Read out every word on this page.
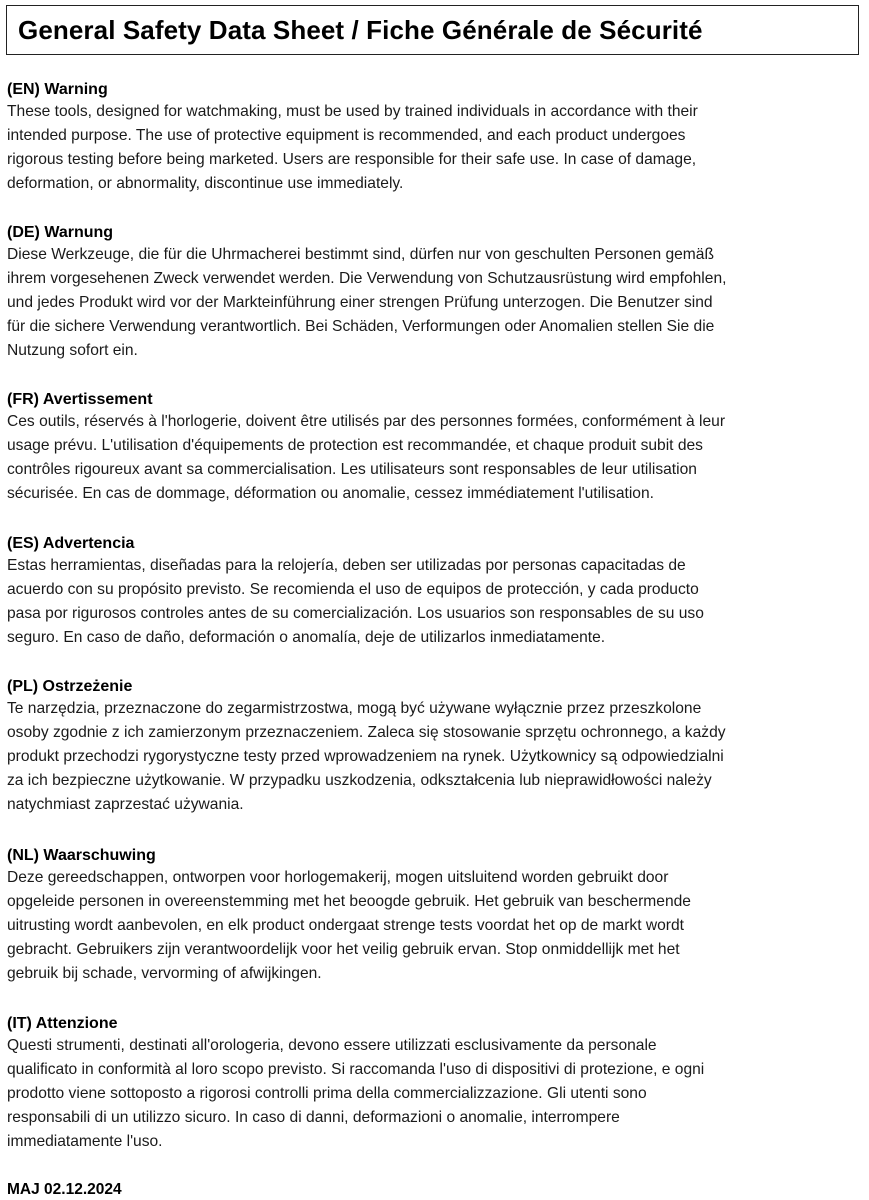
General Safety Data Sheet / Fiche Générale de Sécurité
(EN) Warning

These tools, designed for watchmaking, must be used by trained individuals in accordance with their

intended purpose. The use of protective equipment is recommended, and each product undergoes

rigorous testing before being marketed. Users are responsible for their safe use. In case of damage,

deformation, or abnormality, discontinue use immediately.

(DE) Warnung

Diese Werkzeuge, die für die Uhrmacherei bestimmt sind, dürfen nur von geschulten Personen gemäß

ihrem vorgesehenen Zweck verwendet werden. Die Verwendung von Schutzausrüstung wird empfohlen,

und jedes Produkt wird vor der Markteinführung einer strengen Prüfung unterzogen. Die Benutzer sind

für die sichere Verwendung verantwortlich. Bei Schäden, Verformungen oder Anomalien stellen Sie die

Nutzung sofort ein.

(FR) Avertissement

Ces outils, réservés à l'horlogerie, doivent être utilisés par des personnes formées, conformément à leur

usage prévu. L'utilisation d'équipements de protection est recommandée, et chaque produit subit des

contrôles rigoureux avant sa commercialisation. Les utilisateurs sont responsables de leur utilisation

sécurisée. En cas de dommage, déformation ou anomalie, cessez immédiatement l'utilisation.

(ES) Advertencia

Estas herramientas, diseñadas para la relojería, deben ser utilizadas por personas capacitadas de

acuerdo con su propósito previsto. Se recomienda el uso de equipos de protección, y cada producto

pasa por rigurosos controles antes de su comercialización. Los usuarios son responsables de su uso

seguro. En caso de daño, deformación o anomalía, deje de utilizarlos inmediatamente.

(PL) Ostrzeżenie

Te narzędzia, przeznaczone do zegarmistrzostwa, mogą być używane wyłącznie przez przeszkolone

osoby zgodnie z ich zamierzonym przeznaczeniem. Zaleca się stosowanie sprzętu ochronnego, a każdy

produkt przechodzi rygorystyczne testy przed wprowadzeniem na rynek. Użytkownicy są odpowiedzialni

za ich bezpieczne użytkowanie. W przypadku uszkodzenia, odkształcenia lub nieprawidłowości należy

natychmiast zaprzestać używania.

(NL) Waarschuwing

Deze gereedschappen, ontworpen voor horlogemakerij, mogen uitsluitend worden gebruikt door

opgeleide personen in overeenstemming met het beoogde gebruik. Het gebruik van beschermende

uitrusting wordt aanbevolen, en elk product ondergaat strenge tests voordat het op de markt wordt

gebracht. Gebruikers zijn verantwoordelijk voor het veilig gebruik ervan. Stop onmiddellijk met het

gebruik bij schade, vervorming of afwijkingen.

(IT) Attenzione

Questi strumenti, destinati all'orologeria, devono essere utilizzati esclusivamente da personale

qualificato in conformità al loro scopo previsto. Si raccomanda l'uso di dispositivi di protezione, e ogni

prodotto viene sottoposto a rigorosi controlli prima della commercializzazione. Gli utenti sono

responsabili di un utilizzo sicuro. In caso di danni, deformazioni o anomalie, interrompere

immediatamente l'uso.

MAJ 02.12.2024
